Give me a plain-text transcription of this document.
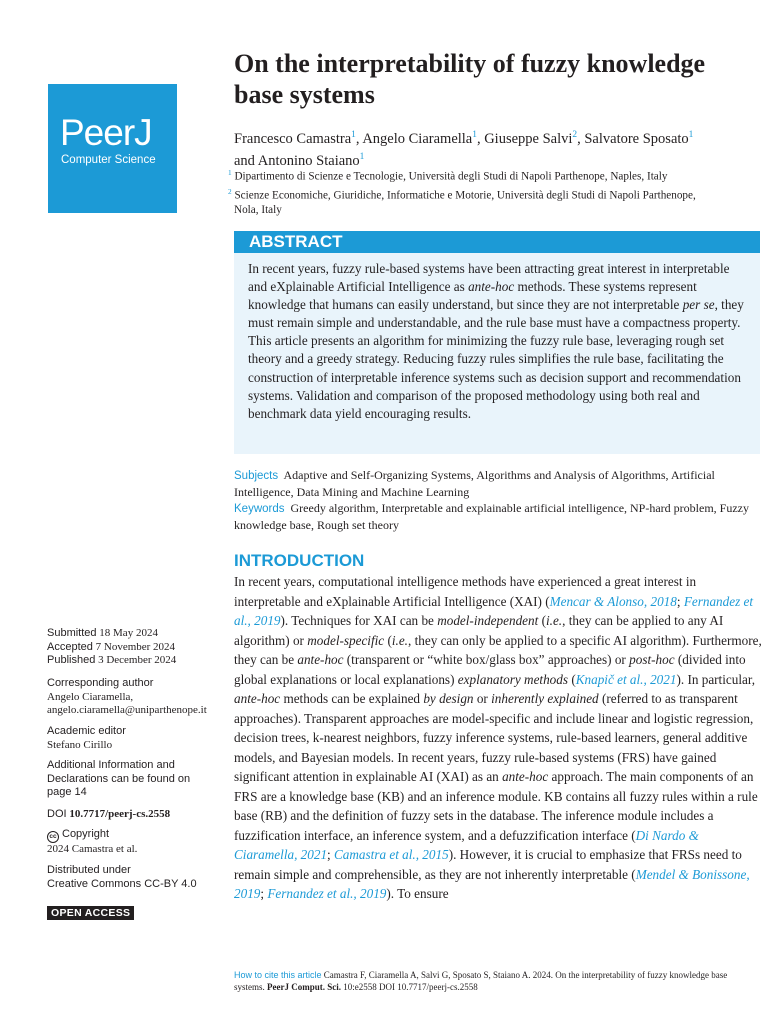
PeerJ
Computer Science
On the interpretability of fuzzy knowledge base systems
Francesco Camastra$^1$, Angelo Ciaramella$^1$, Giuseppe Salvi$^2$, Salvatore Sposato$^1$ and Antonino Staiano$^1$
$^1$ Dipartimento di Scienze e Tecnologie, Università degli Studi di Napoli Parthenope, Naples, Italy
$^2$ Scienze Economiche, Giuridiche, Informatiche e Motorie, Università degli Studi di Napoli Parthenope, Nola, Italy
ABSTRACT
In recent years, fuzzy rule-based systems have been attracting great interest in interpretable and eXplainable Artificial Intelligence as ante-hoc methods. These systems represent knowledge that humans can easily understand, but since they are not interpretable per se, they must remain simple and understandable, and the rule base must have a compactness property. This article presents an algorithm for minimizing the fuzzy rule base, leveraging rough set theory and a greedy strategy. Reducing fuzzy rules simplifies the rule base, facilitating the construction of interpretable inference systems such as decision support and recommendation systems. Validation and comparison of the proposed methodology using both real and benchmark data yield encouraging results.
Subjects Adaptive and Self-Organizing Systems, Algorithms and Analysis of Algorithms, Artificial Intelligence, Data Mining and Machine Learning
Keywords Greedy algorithm, Interpretable and explainable artificial intelligence, NP-hard problem, Fuzzy knowledge base, Rough set theory
INTRODUCTION
In recent years, computational intelligence methods have experienced a great interest in interpretable and eXplainable Artificial Intelligence (XAI) (Mencar & Alonso, 2018; Fernandez et al., 2019). Techniques for XAI can be model-independent (i.e., they can be applied to any AI algorithm) or model-specific (i.e., they can only be applied to a specific AI algorithm). Furthermore, they can be ante-hoc (transparent or “white box/glass box” approaches) or post-hoc (divided into global explanations or local explanations) explanatory methods (Knapič et al., 2021). In particular, ante-hoc methods can be explained by design or inherently explained (referred to as transparent approaches). Transparent approaches are model-specific and include linear and logistic regression, decision trees, k-nearest neighbors, fuzzy inference systems, rule-based learners, general additive models, and Bayesian models. In recent years, fuzzy rule-based systems (FRS) have gained significant attention in explainable AI (XAI) as an ante-hoc approach. The main components of an FRS are a knowledge base (KB) and an inference module. KB contains all fuzzy rules within a rule base (RB) and the definition of fuzzy sets in the database. The inference module includes a fuzzification interface, an inference system, and a defuzzification interface (Di Nardo & Ciaramella, 2021; Camastra et al., 2015). However, it is crucial to emphasize that FRSs need to remain simple and comprehensible, as they are not inherently interpretable (Mendel & Bonissone, 2019; Fernandez et al., 2019). To ensure
Submitted 18 May 2024
Accepted 7 November 2024
Published 3 December 2024
Corresponding author
Angelo Ciaramella,
angelo.ciaramella@uniparthenope.it
Academic editor
Stefano Cirillo
Additional Information and Declarations can be found on page 14
DOI 10.7717/peerj-cs.2558
cc Copyright
2024 Camastra et al.
Distributed under
Creative Commons CC-BY 4.0
OPEN ACCESS
How to cite this article Camastra F, Ciaramella A, Salvi G, Sposato S, Staiano A. 2024. On the interpretability of fuzzy knowledge base systems. PeerJ Comput. Sci. 10:e2558 DOI 10.7717/peerj-cs.2558
